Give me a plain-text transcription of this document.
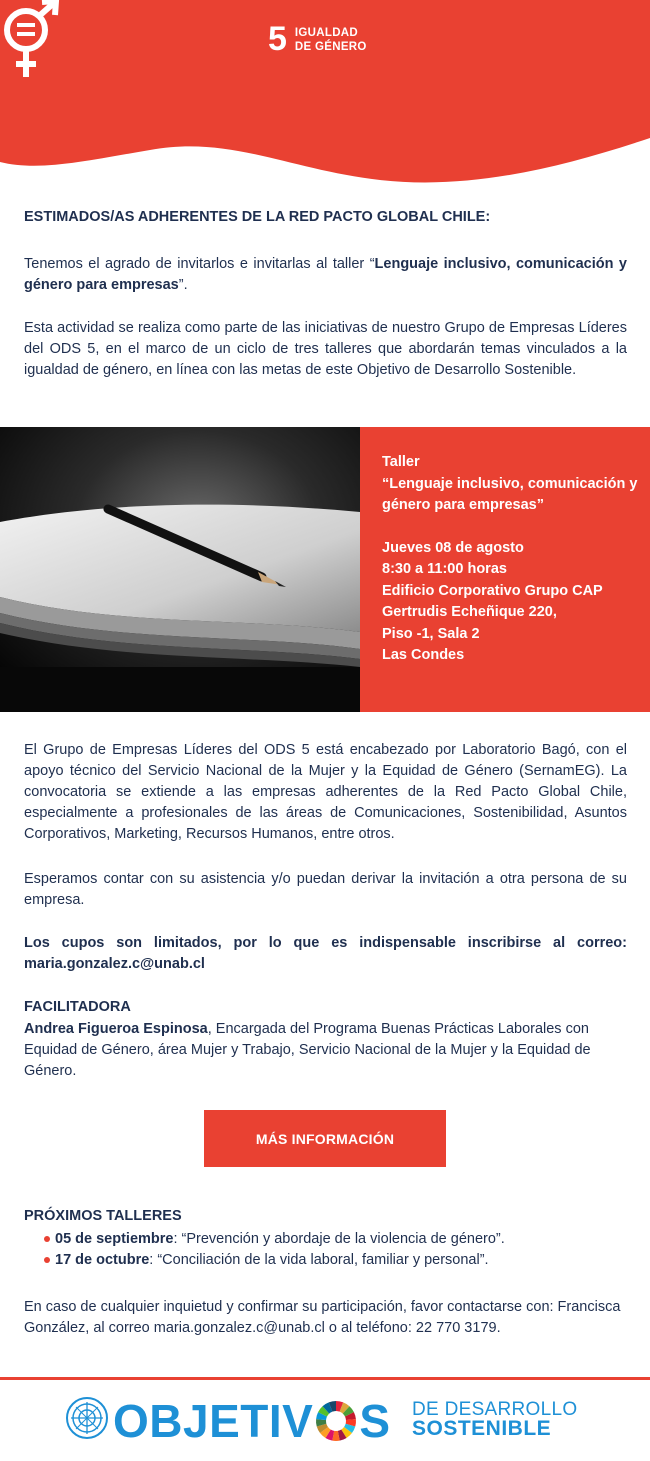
5 IGUALDAD
DE GÉNERO
ESTIMADOS/AS ADHERENTES DE LA RED PACTO GLOBAL CHILE:
Tenemos el agrado de invitarlos e invitarlas al taller “Lenguaje inclusivo, comunicación y género para empresas”.
Esta actividad se realiza como parte de las iniciativas de nuestro Grupo de Empresas Líderes del ODS 5, en el marco de un ciclo de tres talleres que abordarán temas vinculados a la igualdad de género, en línea con las metas de este Objetivo de Desarrollo Sostenible.
Taller
“Lenguaje inclusivo, comunicación y género para empresas”
Jueves 08 de agosto
8:30 a 11:00 horas
Edificio Corporativo Grupo CAP
Gertrudis Echeñique 220,
Piso -1, Sala 2
Las Condes
El Grupo de Empresas Líderes del ODS 5 está encabezado por Laboratorio Bagó, con el apoyo técnico del Servicio Nacional de la Mujer y la Equidad de Género (SernamEG). La convocatoria se extiende a las empresas adherentes de la Red Pacto Global Chile, especialmente a profesionales de las áreas de Comunicaciones, Sostenibilidad, Asuntos Corporativos, Marketing, Recursos Humanos, entre otros.
Esperamos contar con su asistencia y/o puedan derivar la invitación a otra persona de su empresa.
Los cupos son limitados, por lo que es indispensable inscribirse al correo: maria.gonzalez.c@unab.cl
FACILITADORA
Andrea Figueroa Espinosa, Encargada del Programa Buenas Prácticas Laborales con Equidad de Género, área Mujer y Trabajo, Servicio Nacional de la Mujer y la Equidad de Género.
MÁS INFORMACIÓN
PRÓXIMOS TALLERES
05 de septiembre: “Prevención y abordaje de la violencia de género”.
17 de octubre: “Conciliación de la vida laboral, familiar y personal”.
En caso de cualquier inquietud y confirmar su participación, favor contactarse con: Francisca González, al correo maria.gonzalez.c@unab.cl o al teléfono: 22 770 3179.
OBJETIV S DE DESARROLLO
SOSTENIBLE
